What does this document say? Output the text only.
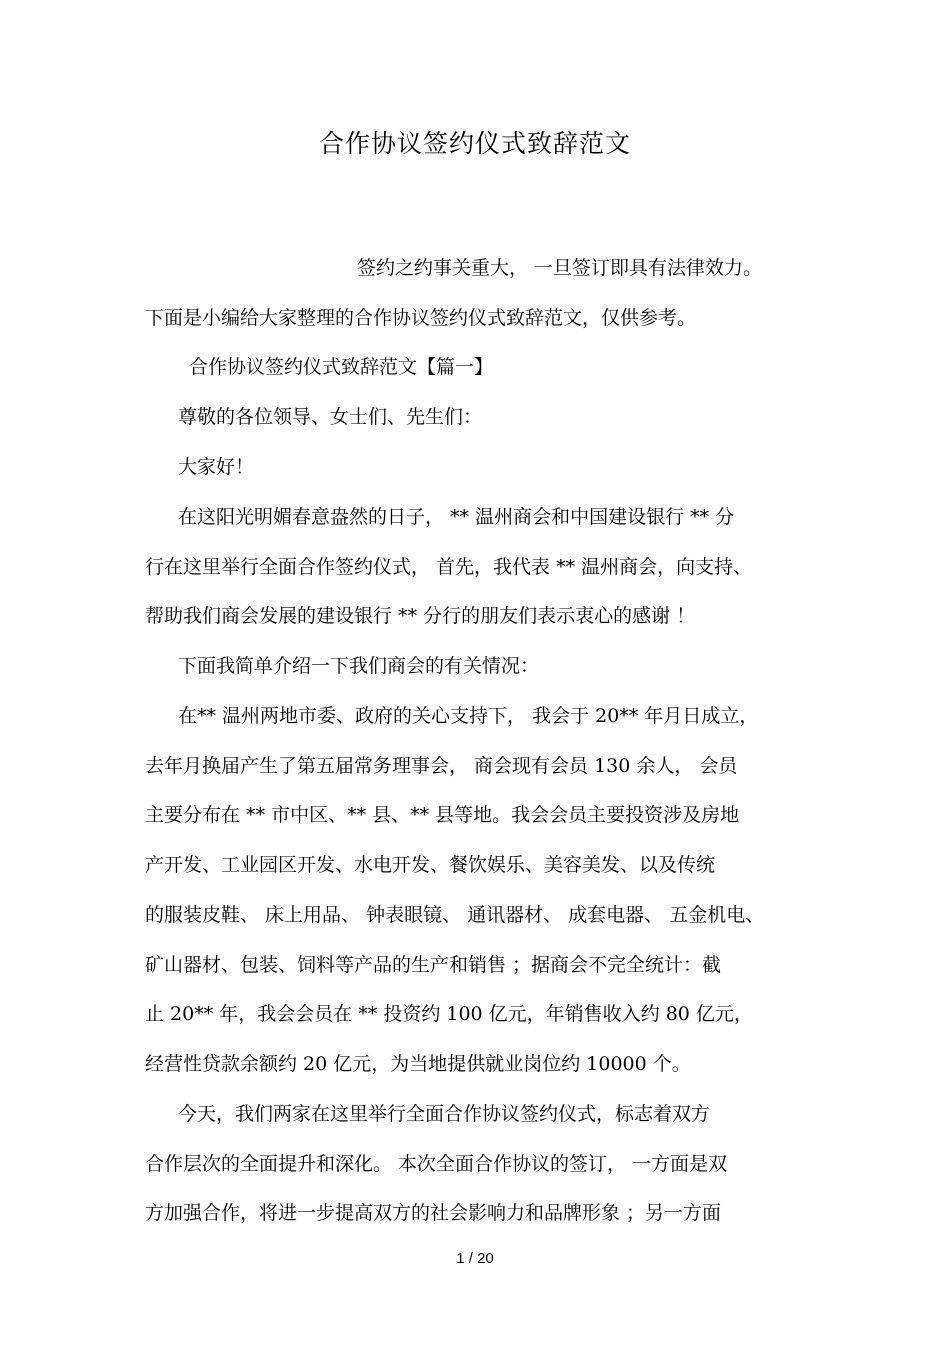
合作协议签约仪式致辞范文
签约之约事关重大， 一旦签订即具有法律效力。
下面是小编给大家整理的合作协议签约仪式致辞范文，仅供参考。
合作协议签约仪式致辞范文【篇一】
尊敬的各位领导、女士们、先生们：
大家好！
在这阳光明媚春意盎然的日子， ** 温州商会和中国建设银行 ** 分
行在这里举行全面合作签约仪式， 首先，我代表 ** 温州商会，向支持、
帮助我们商会发展的建设银行 ** 分行的朋友们表示衷心的感谢 ！
下面我简单介绍一下我们商会的有关情况：
在** 温州两地市委、政府的关心支持下， 我会于 20** 年月日成立，
去年月换届产生了第五届常务理事会， 商会现有会员 130 余人， 会员
主要分布在 ** 市中区、** 县、** 县等地。我会会员主要投资涉及房地
产开发、工业园区开发、水电开发、餐饮娱乐、美容美发、以及传统
的服装皮鞋、 床上用品、 钟表眼镜、 通讯器材、 成套电器、 五金机电、
矿山器材、包装、饲料等产品的生产和销售 ；据商会不完全统计：截
止 20** 年，我会会员在 ** 投资约 100 亿元，年销售收入约 80 亿元，
经营性贷款余额约 20 亿元，为当地提供就业岗位约 10000 个。
今天，我们两家在这里举行全面合作协议签约仪式，标志着双方
合作层次的全面提升和深化。 本次全面合作协议的签订， 一方面是双
方加强合作，将进一步提高双方的社会影响力和品牌形象 ；另一方面
1 / 20
